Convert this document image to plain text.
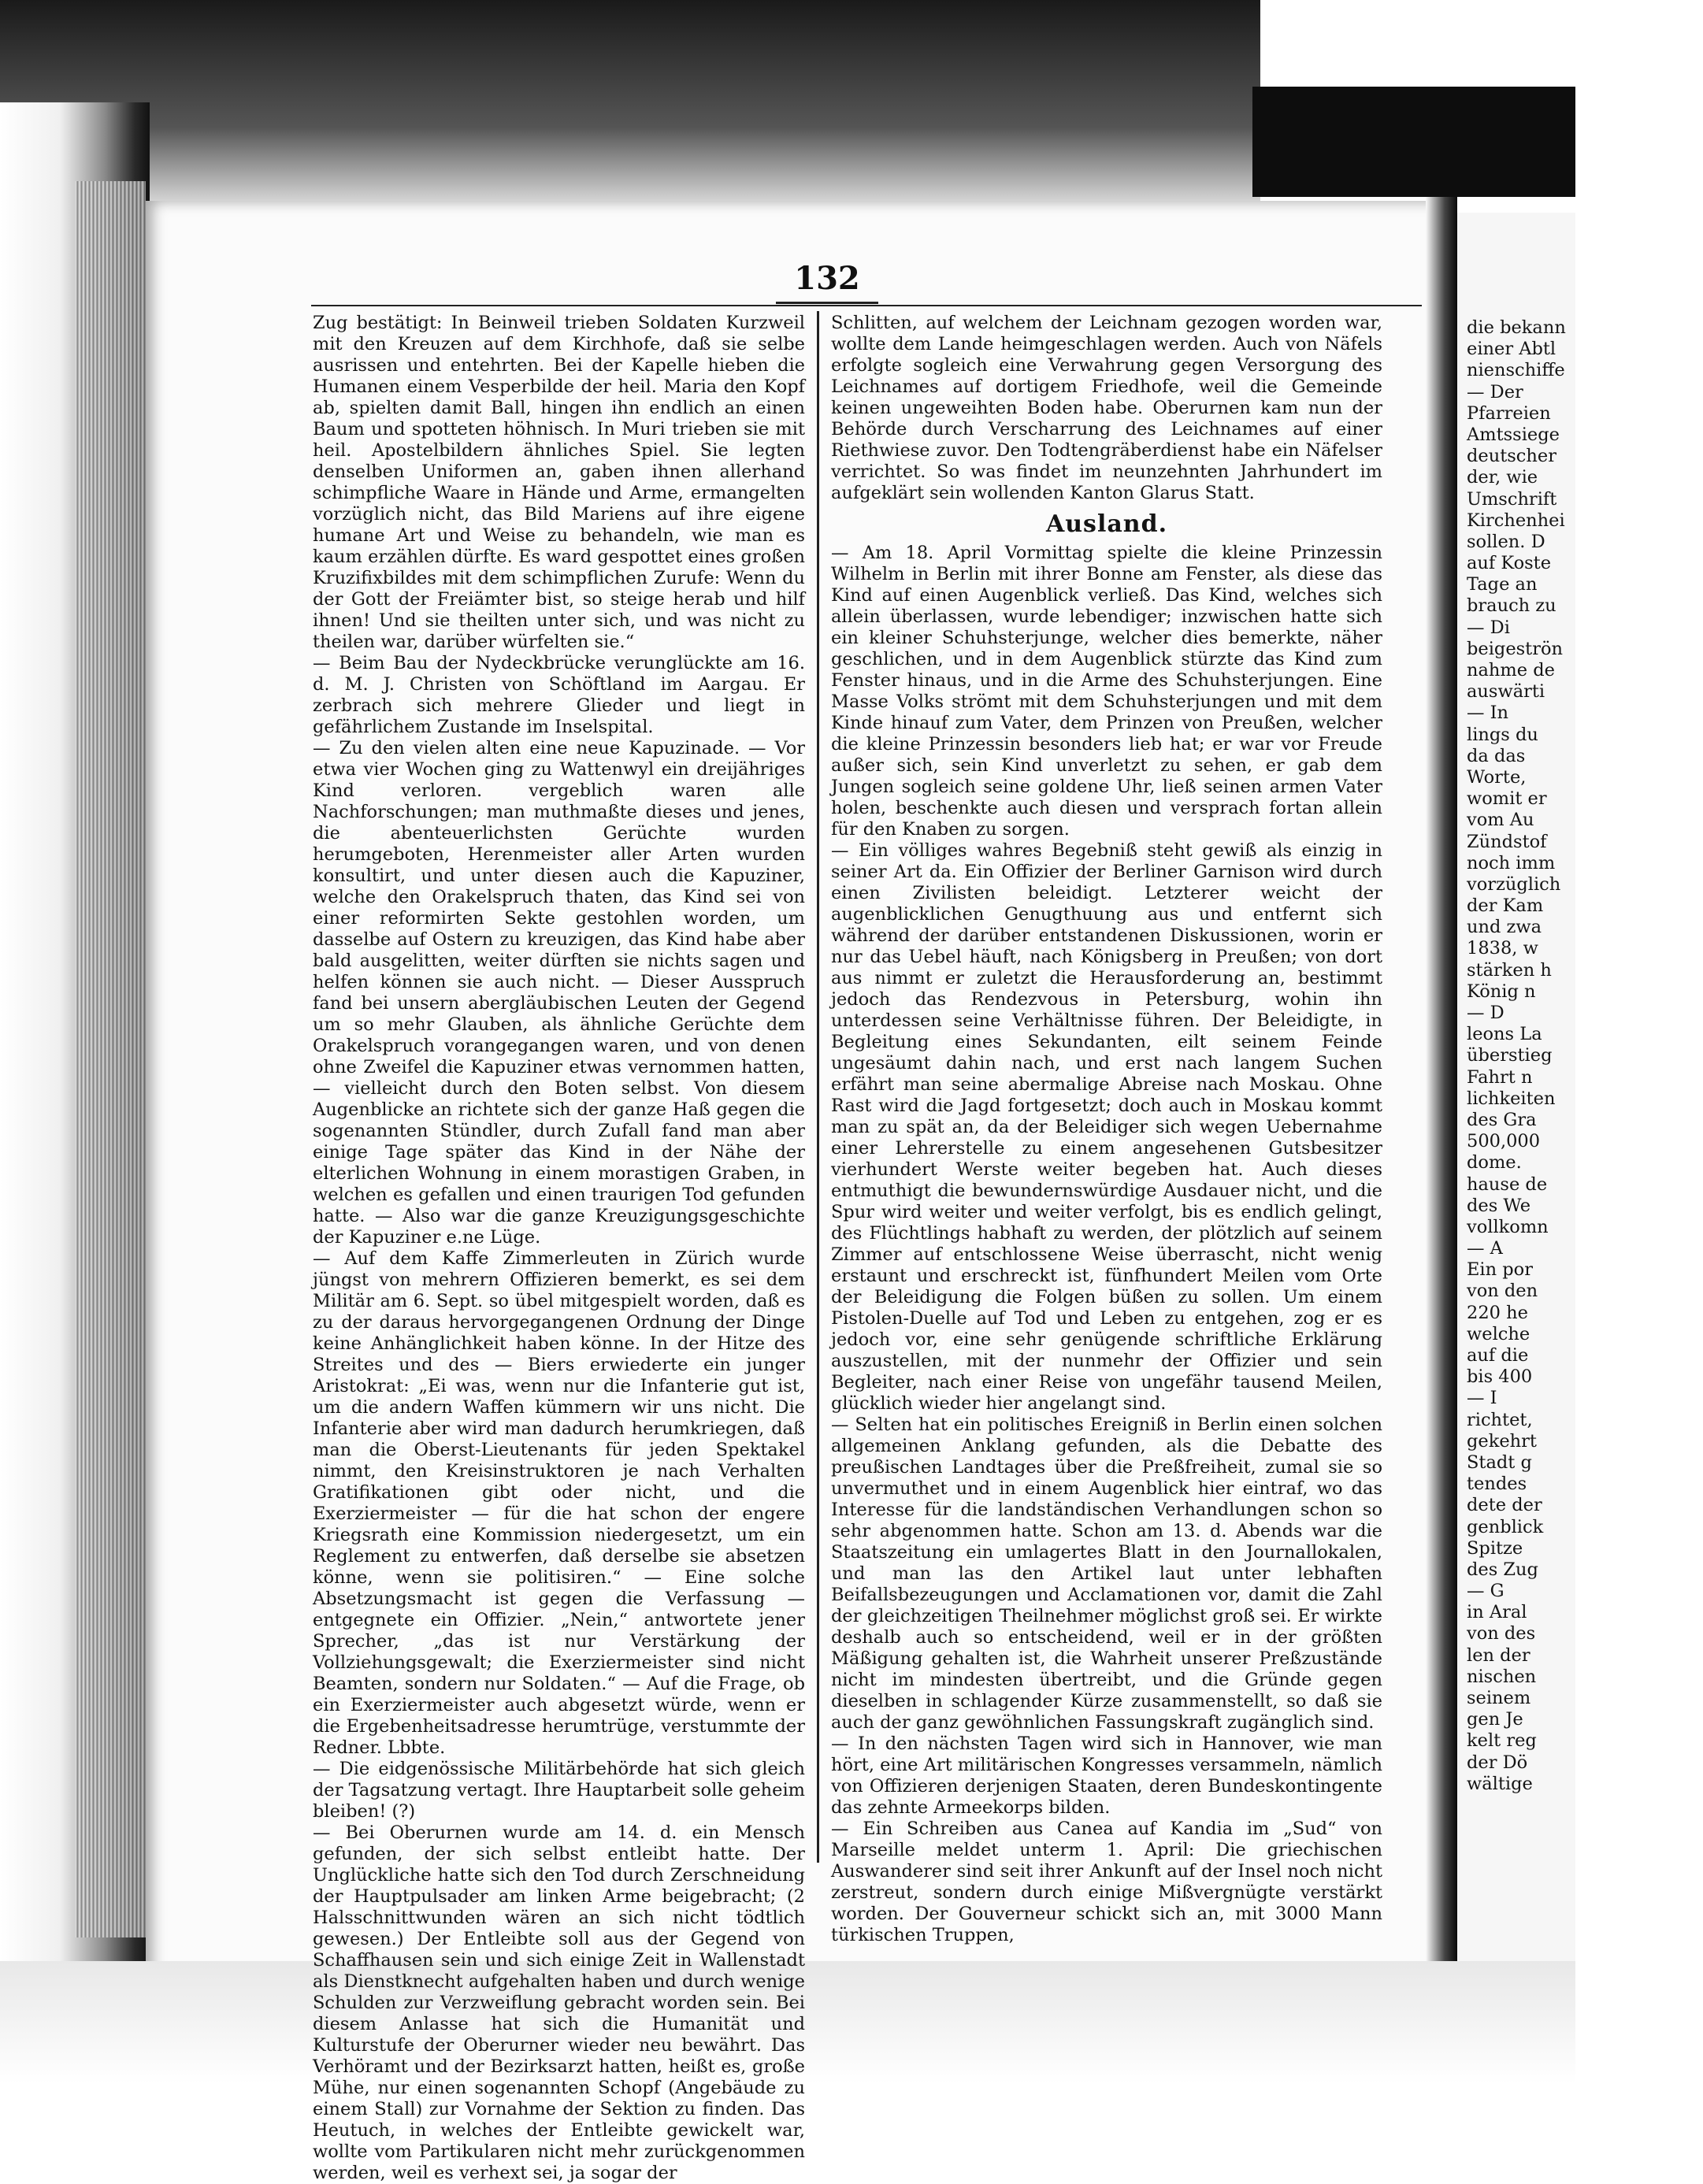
132

Zug bestätigt: In Beinweil trieben Soldaten Kurzweil mit den Kreuzen auf dem Kirchhofe, daß sie selbe ausrissen und entehrten. Bei der Kapelle hieben die Humanen einem Vesperbilde der heil. Maria den Kopf ab, spielten damit Ball, hingen ihn endlich an einen Baum und spotteten höhnisch. In Muri trieben sie mit heil. Apostelbildern ähnliches Spiel. Sie legten denselben Uniformen an, gaben ihnen allerhand schimpfliche Waare in Hände und Arme, ermangelten vorzüglich nicht, das Bild Mariens auf ihre eigene humane Art und Weise zu behandeln, wie man es kaum erzählen dürfte. Es ward gespottet eines großen Kruzifixbildes mit dem schimpflichen Zurufe: Wenn du der Gott der Freiämter bist, so steige herab und hilf ihnen! Und sie theilten unter sich, und was nicht zu theilen war, darüber würfelten sie.“

— Beim Bau der Nydeckbrücke verunglückte am 16. d. M. J. Christen von Schöftland im Aargau. Er zerbrach sich mehrere Glieder und liegt in gefährlichem Zustande im Inselspital.

— Zu den vielen alten eine neue Kapuzinade. — Vor etwa vier Wochen ging zu Wattenwyl ein dreijähriges Kind verloren. vergeblich waren alle Nachforschungen; man muthmaßte dieses und jenes, die abenteuerlichsten Gerüchte wurden herumgeboten, Herenmeister aller Arten wurden konsultirt, und unter diesen auch die Kapuziner, welche den Orakelspruch thaten, das Kind sei von einer reformirten Sekte gestohlen worden, um dasselbe auf Ostern zu kreuzigen, das Kind habe aber bald ausgelitten, weiter dürften sie nichts sagen und helfen können sie auch nicht. — Dieser Ausspruch fand bei unsern abergläubischen Leuten der Gegend um so mehr Glauben, als ähnliche Gerüchte dem Orakelspruch vorangegangen waren, und von denen ohne Zweifel die Kapuziner etwas vernommen hatten, — vielleicht durch den Boten selbst. Von diesem Augenblicke an richtete sich der ganze Haß gegen die sogenannten Stündler, durch Zufall fand man aber einige Tage später das Kind in der Nähe der elterlichen Wohnung in einem morastigen Graben, in welchen es gefallen und einen traurigen Tod gefunden hatte. — Also war die ganze Kreuzigungsgeschichte der Kapuziner e.ne Lüge.

— Auf dem Kaffe Zimmerleuten in Zürich wurde jüngst von mehrern Offizieren bemerkt, es sei dem Militär am 6. Sept. so übel mitgespielt worden, daß es zu der daraus hervorgegangenen Ordnung der Dinge keine Anhänglichkeit haben könne. In der Hitze des Streites und des — Biers erwiederte ein junger Aristokrat: „Ei was, wenn nur die Infanterie gut ist, um die andern Waffen kümmern wir uns nicht. Die Infanterie aber wird man dadurch herumkriegen, daß man die Oberst-Lieutenants für jeden Spektakel nimmt, den Kreisinstruktoren je nach Verhalten Gratifikationen gibt oder nicht, und die Exerziermeister — für die hat schon der engere Kriegsrath eine Kommission niedergesetzt, um ein Reglement zu entwerfen, daß derselbe sie absetzen könne, wenn sie politisiren.“ — Eine solche Absetzungsmacht ist gegen die Verfassung — entgegnete ein Offizier. „Nein,“ antwortete jener Sprecher, „das ist nur Verstärkung der Vollziehungsgewalt; die Exerziermeister sind nicht Beamten, sondern nur Soldaten.“ — Auf die Frage, ob ein Exerziermeister auch abgesetzt würde, wenn er die Ergebenheitsadresse herumtrüge, verstummte der Redner. Lbbte.

— Die eidgenössische Militärbehörde hat sich gleich der Tagsatzung vertagt. Ihre Hauptarbeit solle geheim bleiben! (?)

— Bei Oberurnen wurde am 14. d. ein Mensch gefunden, der sich selbst entleibt hatte. Der Unglückliche hatte sich den Tod durch Zerschneidung der Hauptpulsader am linken Arme beigebracht; (2 Halsschnittwunden wären an sich nicht tödtlich gewesen.) Der Entleibte soll aus der Gegend von Schaffhausen sein und sich einige Zeit in Wallenstadt als Dienstknecht aufgehalten haben und durch wenige Schulden zur Verzweiflung gebracht worden sein. Bei diesem Anlasse hat sich die Humanität und Kulturstufe der Oberurner wieder neu bewährt. Das Verhöramt und der Bezirksarzt hatten, heißt es, große Mühe, nur einen sogenannten Schopf (Angebäude zu einem Stall) zur Vornahme der Sektion zu finden. Das Heutuch, in welches der Entleibte gewickelt war, wollte vom Partikularen nicht mehr zurückgenommen werden, weil es verhext sei, ja sogar der

Schlitten, auf welchem der Leichnam gezogen worden war, wollte dem Lande heimgeschlagen werden. Auch von Näfels erfolgte sogleich eine Verwahrung gegen Versorgung des Leichnames auf dortigem Friedhofe, weil die Gemeinde keinen ungeweihten Boden habe. Oberurnen kam nun der Behörde durch Verscharrung des Leichnames auf einer Riethwiese zuvor. Den Todtengräberdienst habe ein Näfelser verrichtet. So was findet im neunzehnten Jahrhundert im aufgeklärt sein wollenden Kanton Glarus Statt.

Ausland.

— Am 18. April Vormittag spielte die kleine Prinzessin Wilhelm in Berlin mit ihrer Bonne am Fenster, als diese das Kind auf einen Augenblick verließ. Das Kind, welches sich allein überlassen, wurde lebendiger; inzwischen hatte sich ein kleiner Schuhsterjunge, welcher dies bemerkte, näher geschlichen, und in dem Augenblick stürzte das Kind zum Fenster hinaus, und in die Arme des Schuhsterjungen. Eine Masse Volks strömt mit dem Schuhsterjungen und mit dem Kinde hinauf zum Vater, dem Prinzen von Preußen, welcher die kleine Prinzessin besonders lieb hat; er war vor Freude außer sich, sein Kind unverletzt zu sehen, er gab dem Jungen sogleich seine goldene Uhr, ließ seinen armen Vater holen, beschenkte auch diesen und versprach fortan allein für den Knaben zu sorgen.

— Ein völliges wahres Begebniß steht gewiß als einzig in seiner Art da. Ein Offizier der Berliner Garnison wird durch einen Zivilisten beleidigt. Letzterer weicht der augenblicklichen Genugthuung aus und entfernt sich während der darüber entstandenen Diskussionen, worin er nur das Uebel häuft, nach Königsberg in Preußen; von dort aus nimmt er zuletzt die Herausforderung an, bestimmt jedoch das Rendezvous in Petersburg, wohin ihn unterdessen seine Verhältnisse führen. Der Beleidigte, in Begleitung eines Sekundanten, eilt seinem Feinde ungesäumt dahin nach, und erst nach langem Suchen erfährt man seine abermalige Abreise nach Moskau. Ohne Rast wird die Jagd fortgesetzt; doch auch in Moskau kommt man zu spät an, da der Beleidiger sich wegen Uebernahme einer Lehrerstelle zu einem angesehenen Gutsbesitzer vierhundert Werste weiter begeben hat. Auch dieses entmuthigt die bewundernswürdige Ausdauer nicht, und die Spur wird weiter und weiter verfolgt, bis es endlich gelingt, des Flüchtlings habhaft zu werden, der plötzlich auf seinem Zimmer auf entschlossene Weise überrascht, nicht wenig erstaunt und erschreckt ist, fünfhundert Meilen vom Orte der Beleidigung die Folgen büßen zu sollen. Um einem Pistolen-Duelle auf Tod und Leben zu entgehen, zog er es jedoch vor, eine sehr genügende schriftliche Erklärung auszustellen, mit der nunmehr der Offizier und sein Begleiter, nach einer Reise von ungefähr tausend Meilen, glücklich wieder hier angelangt sind.

— Selten hat ein politisches Ereigniß in Berlin einen solchen allgemeinen Anklang gefunden, als die Debatte des preußischen Landtages über die Preßfreiheit, zumal sie so unvermuthet und in einem Augenblick hier eintraf, wo das Interesse für die landständischen Verhandlungen schon so sehr abgenommen hatte. Schon am 13. d. Abends war die Staatszeitung ein umlagertes Blatt in den Journallokalen, und man las den Artikel laut unter lebhaften Beifallsbezeugungen und Acclamationen vor, damit die Zahl der gleichzeitigen Theilnehmer möglichst groß sei. Er wirkte deshalb auch so entscheidend, weil er in der größten Mäßigung gehalten ist, die Wahrheit unserer Preßzustände nicht im mindesten übertreibt, und die Gründe gegen dieselben in schlagender Kürze zusammenstellt, so daß sie auch der ganz gewöhnlichen Fassungskraft zugänglich sind.

— In den nächsten Tagen wird sich in Hannover, wie man hört, eine Art militärischen Kongresses versammeln, nämlich von Offizieren derjenigen Staaten, deren Bundeskontingente das zehnte Armeekorps bilden.

— Ein Schreiben aus Canea auf Kandia im „Sud“ von Marseille meldet unterm 1. April: Die griechischen Auswanderer sind seit ihrer Ankunft auf der Insel noch nicht zerstreut, sondern durch einige Mißvergnügte verstärkt worden. Der Gouverneur schickt sich an, mit 3000 Mann türkischen Truppen,

die bekann
einer Abtl
nienschiffe
— Der
Pfarreien
Amtssiege
deutscher
der, wie
Umschrift
Kirchenhei
sollen. D
auf Koste
Tage an
brauch zu
— Di
beigeströn
nahme de
auswärti
— In
lings du
da das
Worte,
womit er
vom Au
Zündstof
noch imm
vorzüglich
der Kam
und zwa
1838, w
stärken h
König n
— D
leons La
überstieg
Fahrt n
lichkeiten
des Gra
500,000
dome.
hause de
des We
vollkomn
— A
Ein por
von den
220 he
welche
auf die
bis 400
— I
richtet,
gekehrt
Stadt g
tendes
dete der
genblick
Spitze
des Zug
— G
in Aral
von des
len der
nischen
seinem
gen Je
kelt reg
der Dö
wältige
